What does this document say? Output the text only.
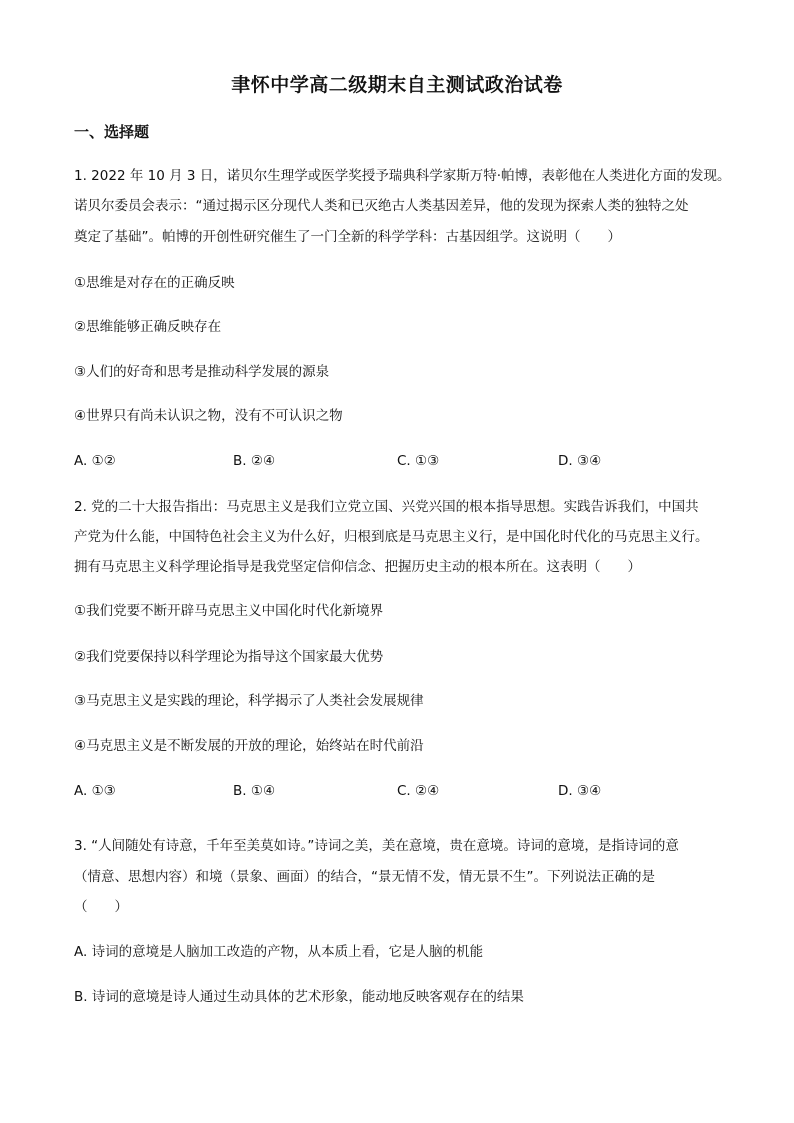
聿怀中学高二级期末自主测试政治试卷
一、选择题
1. 2022 年 10 月 3 日，诺贝尔生理学或医学奖授予瑞典科学家斯万特·帕博，表彰他在人类进化方面的发现。
诺贝尔委员会表示：“通过揭示区分现代人类和已灭绝古人类基因差异，他的发现为探索人类的独特之处
奠定了基础”。帕博的开创性研究催生了一门全新的科学学科：古基因组学。这说明（　　）
①思维是对存在的正确反映
②思维能够正确反映存在
③人们的好奇和思考是推动科学发展的源泉
④世界只有尚未认识之物，没有不可认识之物
A. ①②	B. ②④	C. ①③	D. ③④
2. 党的二十大报告指出：马克思主义是我们立党立国、兴党兴国的根本指导思想。实践告诉我们，中国共
产党为什么能，中国特色社会主义为什么好，归根到底是马克思主义行，是中国化时代化的马克思主义行。
拥有马克思主义科学理论指导是我党坚定信仰信念、把握历史主动的根本所在。这表明（　　）
①我们党要不断开辟马克思主义中国化时代化新境界
②我们党要保持以科学理论为指导这个国家最大优势
③马克思主义是实践的理论，科学揭示了人类社会发展规律
④马克思主义是不断发展的开放的理论，始终站在时代前沿
A. ①③	B. ①④	C. ②④	D. ③④
3. “人间随处有诗意，千年至美莫如诗。”诗词之美，美在意境，贵在意境。诗词的意境，是指诗词的意
（情意、思想内容）和境（景象、画面）的结合，“景无情不发，情无景不生”。下列说法正确的是
（　　）
A. 诗词的意境是人脑加工改造的产物，从本质上看，它是人脑的机能
B. 诗词的意境是诗人通过生动具体的艺术形象，能动地反映客观存在的结果
